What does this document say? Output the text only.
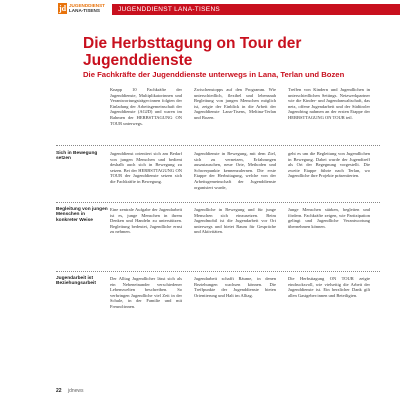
jd JUGENDDIENST
LANA-TISENS	JUGENDDIENST LANA-TISENS
Die Herbsttagung on Tour der Jugenddienste
Die Fachkräfte der Jugenddienste unterwegs in Lana, Terlan und Bozen

Knapp 10 Fachkräfte der Jugenddienste, Multiplikatorinnen und Verantwortungsträger:innen folgten der Einladung der Arbeitsgemeinschaft der Jugenddienste (AGJD) und waren im Rahmen der HERBSTTAGUNG ON TOUR unterwegs.

Zwischenstopps auf den Programm. Wie unterschiedlich, flexibel und lebensnah Begleitung von jungen Menschen möglich ist, zeigte der Einblick in die Arbeit der Jugenddienste Lana-Tisens, Meltina-Terlan und Bozen.

Treffen von Kindern und Jugendlichen in unterschiedlichen Settings. Netzwerkpartner wie die Kinder- und Jugendanwaltschaft, das netz, offene Jugendarbeit und der Südtiroler Jugendring nahmen an der ersten Etappe der HERBSTTAGUNG ON TOUR teil.

Sich in Bewegung setzen

Jugenddienst orientiert sich am Bedarf von jungen Menschen und bedient deshalb auch sich in Bewegung zu setzen. Bei der HERBSTTAGUNG ON TOUR der Jugenddienste setzen sich die Fachkräfte in Bewegung.

Jugenddienste in Bewegung, mit dem Ziel, sich zu vernetzen, Erfahrungen auszutauschen, neue Orte, Methoden und Schwerpunkte kennenzulernen. Die erste Etappe der Herbsttagung, welche von der Arbeitsgemeinschaft der Jugenddienste organisiert wurde,

geht es um die Begleitung von Jugendlichen in Bewegung. Dabei wurde der Jugendtreff als Ort der Begegnung vorgestellt. Die zweite Etappe führte nach Terlan, wo Jugendliche ihre Projekte präsentierten.

Begleitung von jungen Menschen in konkreter Weise

Eine zentrale Aufgabe der Jugendarbeit ist es, junge Menschen in ihrem Denken und Handeln zu unterstützen. Begleitung bedeutet, Jugendliche ernst zu nehmen.

Jugendliche in Bewegung und für junge Menschen sich einzusetzen. Beim Jugendmobil ist die Jugendarbeit vor Ort unterwegs und bietet Raum für Gespräche und Aktivitäten.

Junge Menschen stärken, begleiten und fördern. Fachkräfte zeigen, wie Partizipation gelingt und Jugendliche Verantwortung übernehmen können.

Jugendarbeit ist Beziehungsarbeit

Der Alltag Jugendlicher lässt sich als ein Nebeneinander verschiedener Lebenswelten beschreiben. So verbringen Jugendliche viel Zeit in der Schule, in der Familie und mit Freund:innen.

Jugendarbeit schafft Räume, in denen Beziehungen wachsen können. Die Treffpunkte der Jugenddienste bieten Orientierung und Halt im Alltag.

Die Herbsttagung ON TOUR zeigte eindrucksvoll, wie vielseitig die Arbeit der Jugenddienste ist. Ein herzlicher Dank gilt allen Gastgeber:innen und Beteiligten.

22 jdnews
